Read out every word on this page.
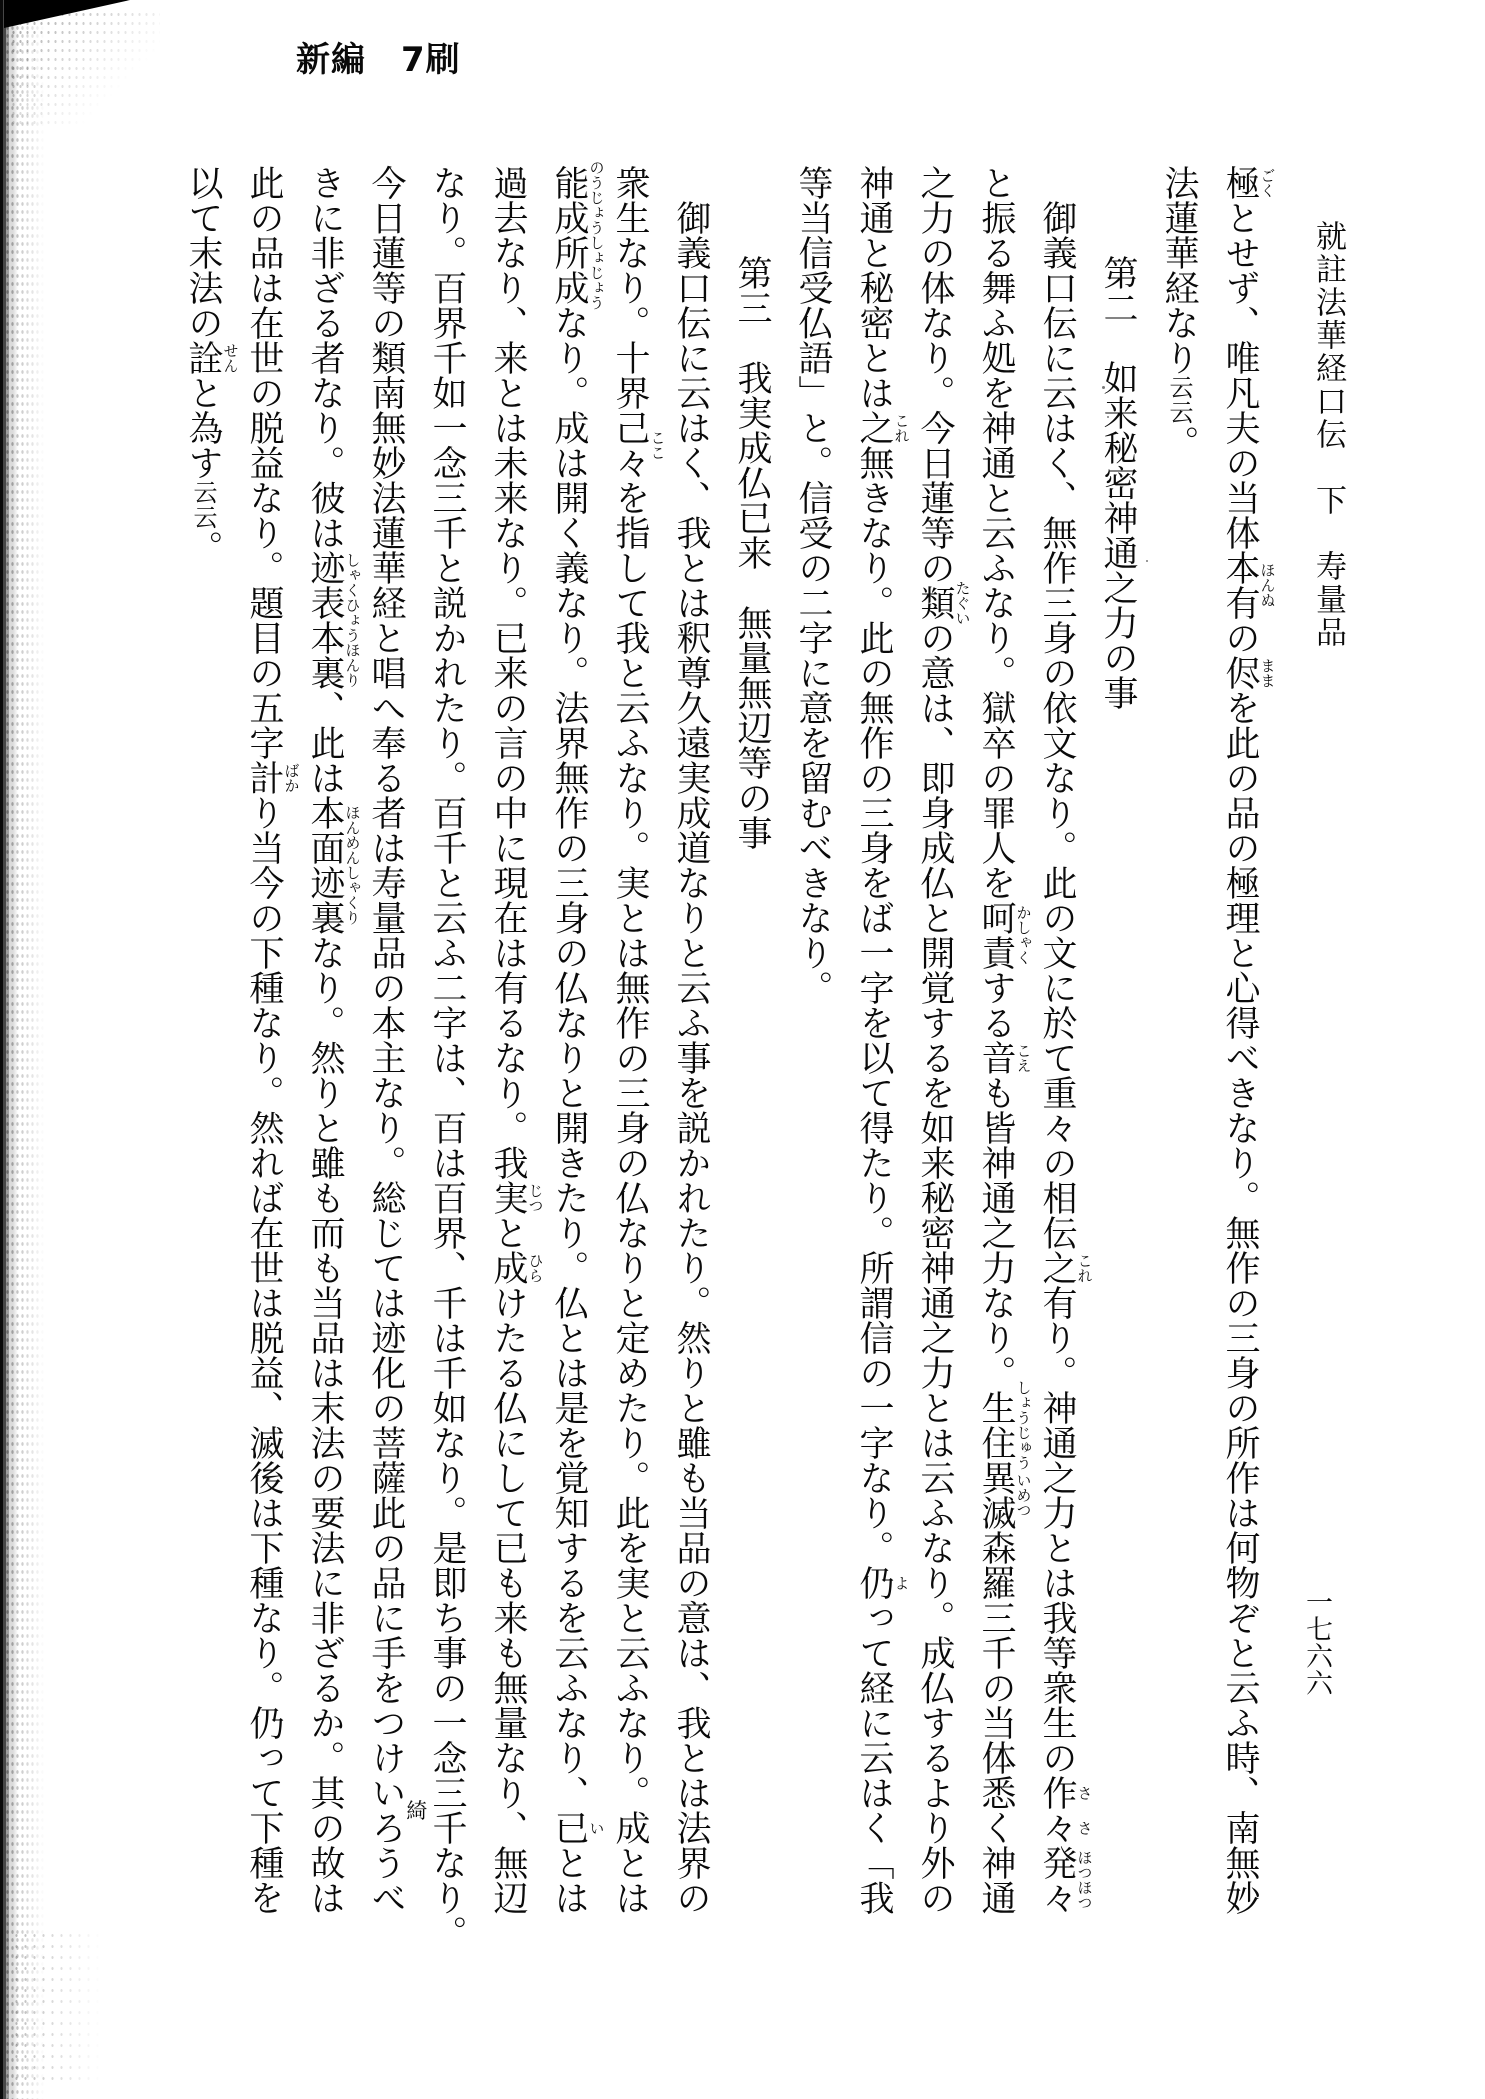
新編　7刷
就註法華経口伝　下　寿量品
一七六六
極
ごく
とせず、唯凡夫の当体本有
ほんぬ
の侭
まま
を此の品の極理と心得べきなり。無作の三身の所作は何物ぞと云ふ時、南無妙
法蓮華経なり云云。
第二　如来秘密神通之力の事
御義口伝に云はく、無作三身の依文なり。此の文に於て重々の相伝之
これ
有り。神通之力とは我等衆生の作
さ
々
さ
発々
ほつほつ
と振る舞ふ処を神通と云ふなり。獄卒の罪人を呵責
かしゃく
する音
こえ
も皆神通之力なり。生住
しょうじゅう
異滅
いめつ
森羅三千の当体悉く神通
之力の体なり。今日蓮等の類
たぐい
の意は、即身成仏と開覚するを如来秘密神通之力とは云ふなり。成仏するより外の
神通と秘密とは之
これ
無きなり。此の無作の三身をば一字を以て得たり。所謂信の一字なり。仍
よ
って経に云はく「我
等当信受仏語」と。信受の二字に意を留むべきなり。
第三　我実成仏已来　無量無辺等の事
御義口伝に云はく、我とは釈尊久遠実成道なりと云ふ事を説かれたり。然りと雖も当品の意は、我とは法界の
衆生なり。十界己々
ここ
を指して我と云ふなり。実とは無作の三身の仏なりと定めたり。此を実と云ふなり。成とは
能成所成
のうじょうしょじょう
なり。成は開く義なり。法界無作の三身の仏なりと開きたり。仏とは是を覚知するを云ふなり、已
い
とは
過去なり、来とは未来なり。已来の言の中に現在は有るなり。我実
じつ
と成
ひら
けたる仏にして已も来も無量なり、無辺
なり。百界千如一念三千と説かれたり。百千と云ふ二字は、百は百界、千は千如なり。是即ち事の一念三千なり。
今日蓮等の類南無妙法蓮華経と唱へ奉る者は寿量品の本主なり。総じては迹化の菩薩此の品に手をつけいろ
綺
うべ
きに非ざる者なり。彼は迹表本裏
しゃくひょうほんり
、此は本面迹裏
ほんめんしゃくり
なり。然りと雖も而も当品は末法の要法に非ざるか。其の故は
此の品は在世の脱益なり。題目の五字計
ばか
り当今の下種なり。然れば在世は脱益、滅後は下種なり。仍って下種を
以て末法の詮
せん
と為す云云。
